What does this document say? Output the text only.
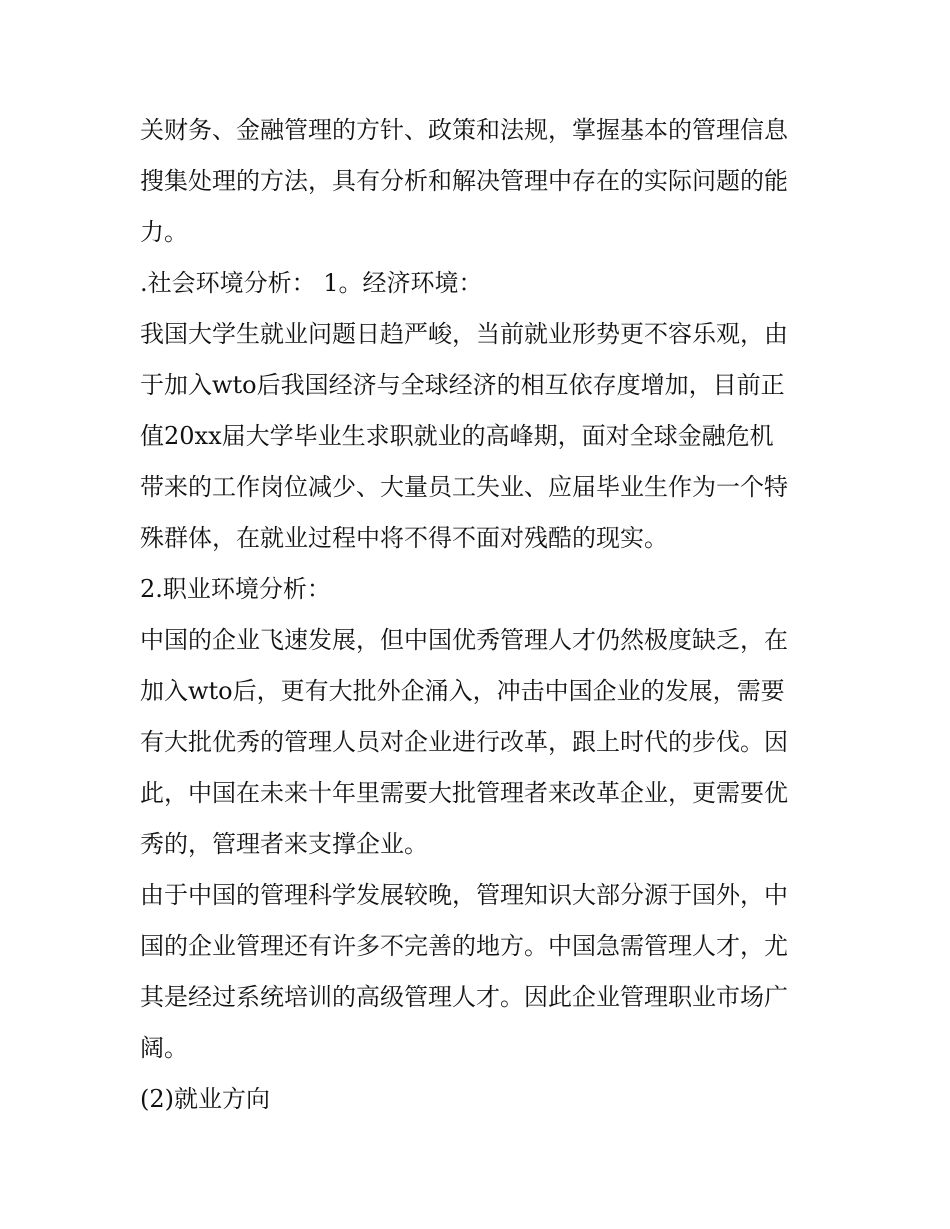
关财务、金融管理的方针、政策和法规，掌握基本的管理信息
搜集处理的方法，具有分析和解决管理中存在的实际问题的能
力。
.社会环境分析： 1。经济环境：
我国大学生就业问题日趋严峻，当前就业形势更不容乐观，由
于加入wto后我国经济与全球经济的相互依存度增加，目前正
值20xx届大学毕业生求职就业的高峰期，面对全球金融危机
带来的工作岗位减少、大量员工失业、应届毕业生作为一个特
殊群体，在就业过程中将不得不面对残酷的现实。
2.职业环境分析：
中国的企业飞速发展，但中国优秀管理人才仍然极度缺乏，在
加入wto后，更有大批外企涌入，冲击中国企业的发展，需要
有大批优秀的管理人员对企业进行改革，跟上时代的步伐。因
此，中国在未来十年里需要大批管理者来改革企业，更需要优
秀的，管理者来支撑企业。
由于中国的管理科学发展较晚，管理知识大部分源于国外，中
国的企业管理还有许多不完善的地方。中国急需管理人才，尤
其是经过系统培训的高级管理人才。因此企业管理职业市场广
阔。
(2)就业方向
